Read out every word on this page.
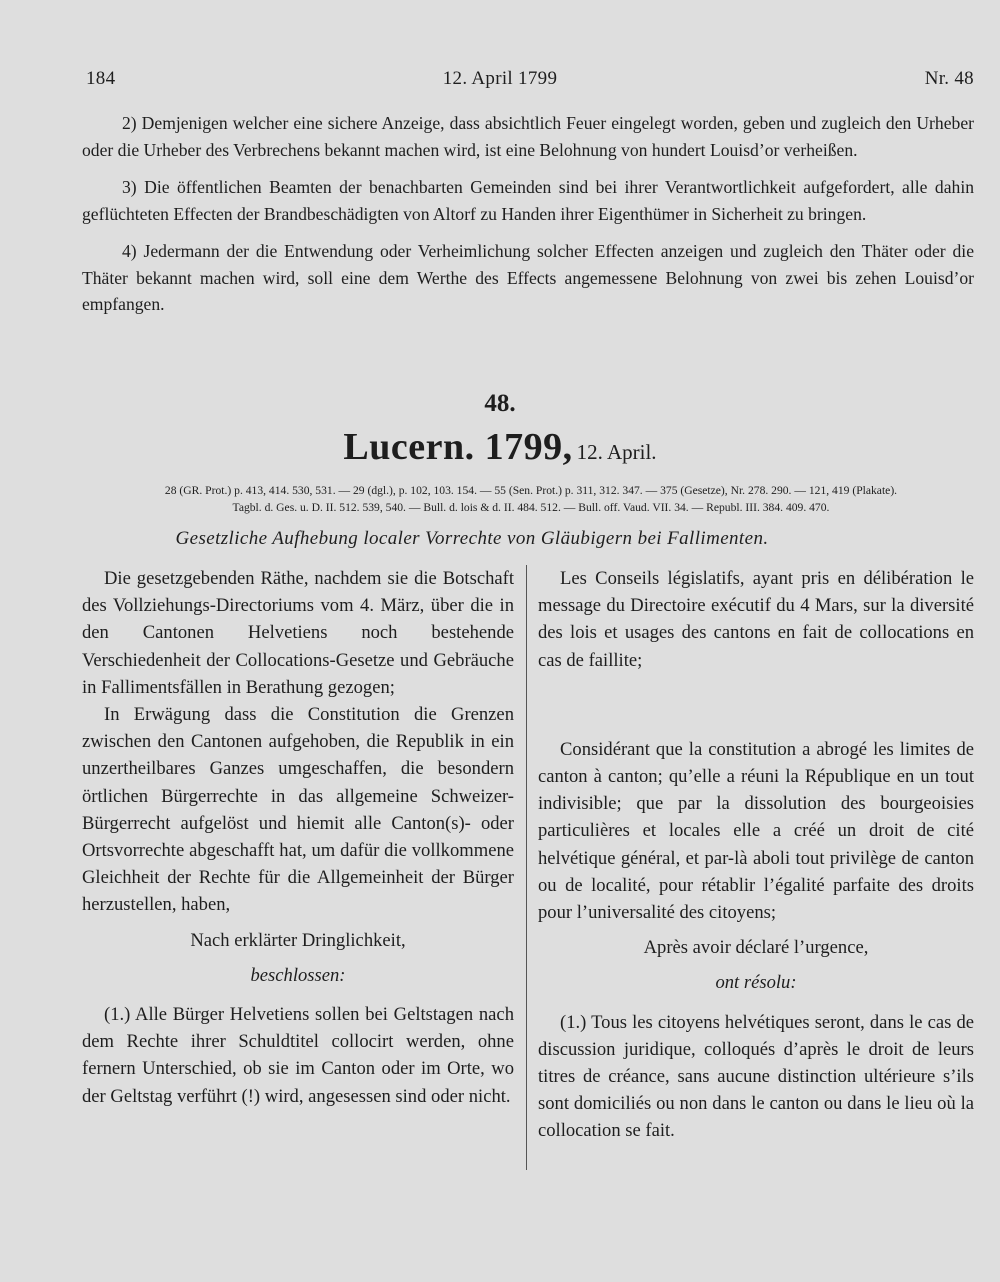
184	12. April 1799	Nr. 48

2) Demjenigen welcher eine sichere Anzeige, dass absichtlich Feuer eingelegt worden, geben und zugleich den Urheber oder die Urheber des Verbrechens bekannt machen wird, ist eine Belohnung von hundert Louisd’or verheißen.

3) Die öffentlichen Beamten der benachbarten Gemeinden sind bei ihrer Verantwortlichkeit aufgefordert, alle dahin geflüchteten Effecten der Brandbeschädigten von Altorf zu Handen ihrer Eigenthümer in Sicherheit zu bringen.

4) Jedermann der die Entwendung oder Verheimlichung solcher Effecten anzeigen und zugleich den Thäter oder die Thäter bekannt machen wird, soll eine dem Werthe des Effects angemessene Belohnung von zwei bis zehen Louisd’or empfangen.

48.
Lucern. 1799, 12. April.
28 (GR. Prot.) p. 413, 414. 530, 531. — 29 (dgl.), p. 102, 103. 154. — 55 (Sen. Prot.) p. 311, 312. 347. — 375 (Gesetze), Nr. 278. 290. — 121, 419 (Plakate).
Tagbl. d. Ges. u. D. II. 512. 539, 540. — Bull. d. lois & d. II. 484. 512. — Bull. off. Vaud. VII. 34. — Republ. III. 384. 409. 470.
Gesetzliche Aufhebung localer Vorrechte von Gläubigern bei Fallimenten.

Die gesetzgebenden Räthe, nachdem sie die Botschaft des Vollziehungs-Directoriums vom 4. März, über die in den Cantonen Helvetiens noch bestehende Verschiedenheit der Collocations-Gesetze und Gebräuche in Fallimentsfällen in Berathung gezogen;

In Erwägung dass die Constitution die Grenzen zwischen den Cantonen aufgehoben, die Republik in ein unzertheilbares Ganzes umgeschaffen, die besondern örtlichen Bürgerrechte in das allgemeine Schweizer-Bürgerrecht aufgelöst und hiemit alle Canton(s)- oder Ortsvorrechte abgeschafft hat, um dafür die vollkommene Gleichheit der Rechte für die Allgemeinheit der Bürger herzustellen, haben,

Nach erklärter Dringlichkeit,
beschlossen:

(1.) Alle Bürger Helvetiens sollen bei Geltstagen nach dem Rechte ihrer Schuldtitel collocirt werden, ohne fernern Unterschied, ob sie im Canton oder im Orte, wo der Geltstag verführt (!) wird, angesessen sind oder nicht.

Les Conseils législatifs, ayant pris en délibération le message du Directoire exécutif du 4 Mars, sur la diversité des lois et usages des cantons en fait de collocations en cas de faillite;

Considérant que la constitution a abrogé les limites de canton à canton; qu’elle a réuni la République en un tout indivisible; que par la dissolution des bourgeoisies particulières et locales elle a créé un droit de cité helvétique général, et par-là aboli tout privilège de canton ou de localité, pour rétablir l’égalité parfaite des droits pour l’universalité des citoyens;

Après avoir déclaré l’urgence,
ont résolu:

(1.) Tous les citoyens helvétiques seront, dans le cas de discussion juridique, colloqués d’après le droit de leurs titres de créance, sans aucune distinction ultérieure s’ils sont domiciliés ou non dans le canton ou dans le lieu où la collocation se fait.
